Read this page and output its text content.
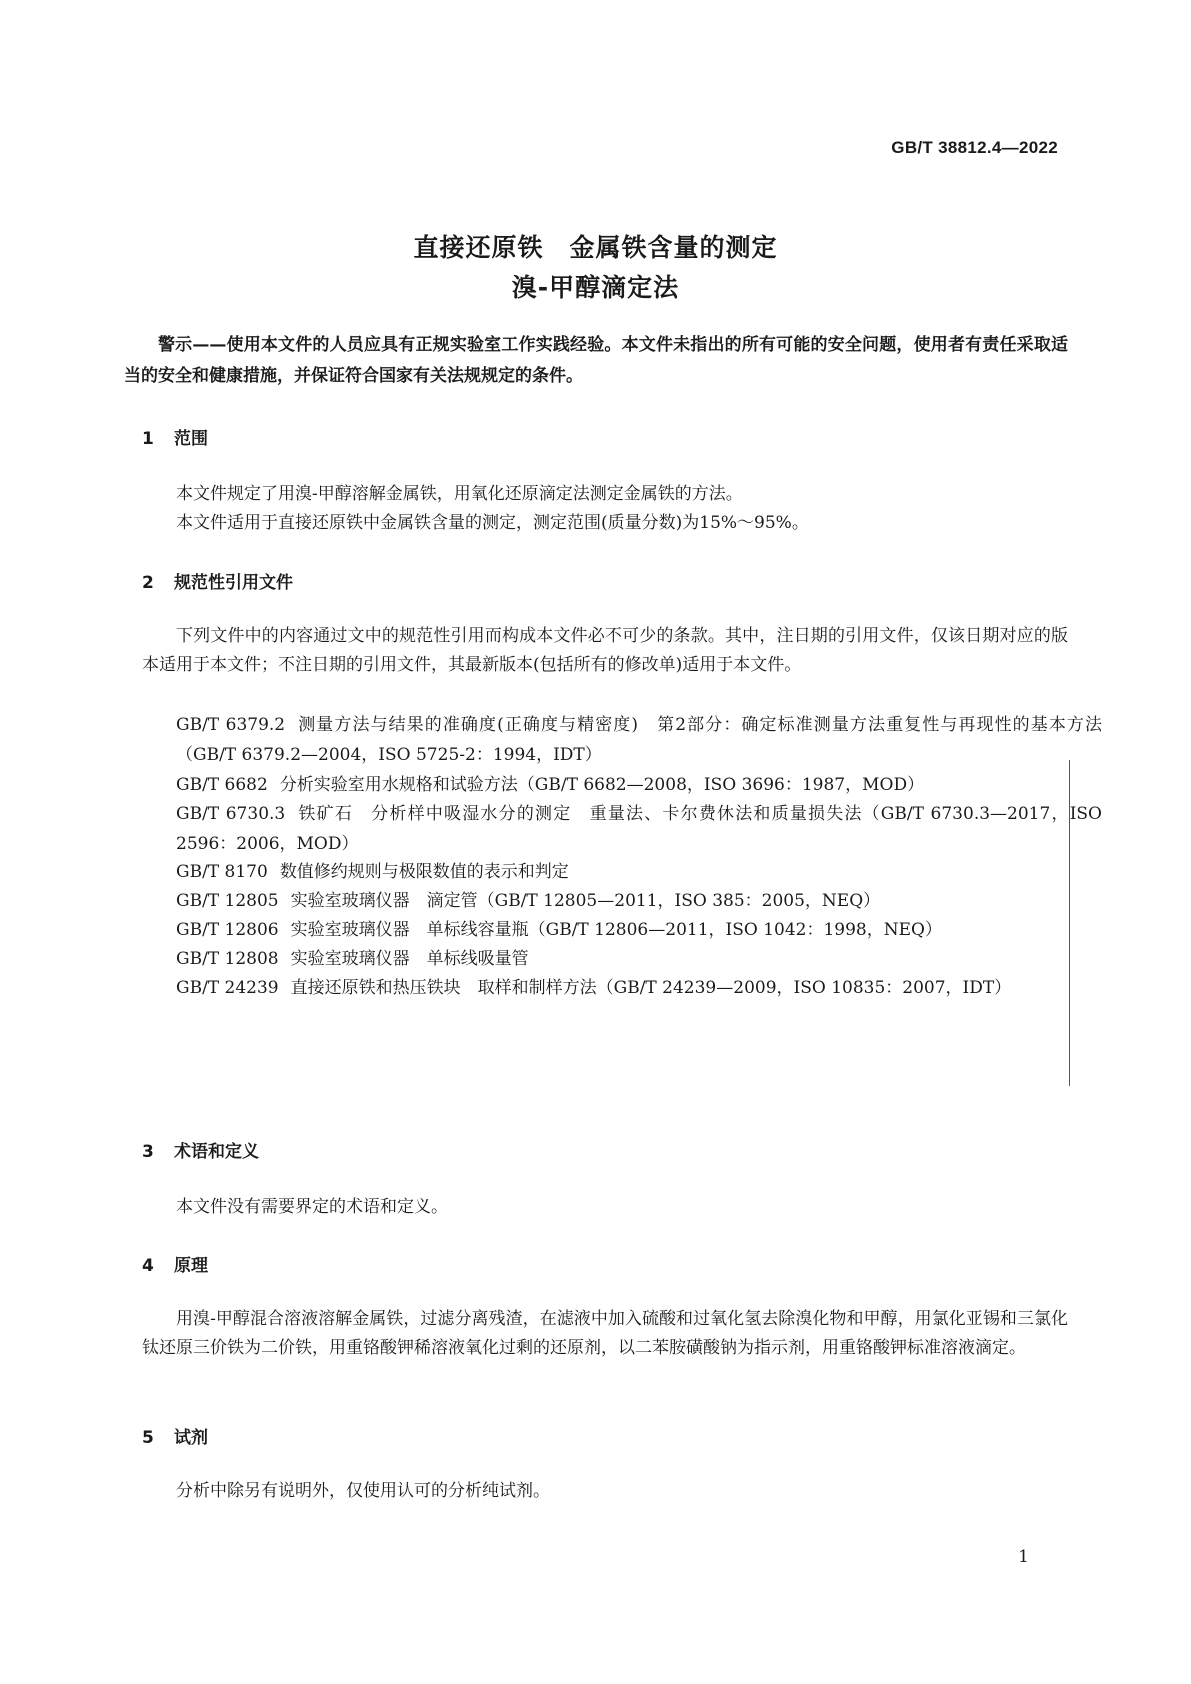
GB/T 38812.4—2022
直接还原铁　金属铁含量的测定
溴-甲醇滴定法
警示——使用本文件的人员应具有正规实验室工作实践经验。本文件未指出的所有可能的安全问题，使用者有责任采取适当的安全和健康措施，并保证符合国家有关法规规定的条件。
1 范围
本文件规定了用溴-甲醇溶解金属铁，用氧化还原滴定法测定金属铁的方法。
本文件适用于直接还原铁中金属铁含量的测定，测定范围(质量分数)为15%～95%。
2 规范性引用文件
下列文件中的内容通过文中的规范性引用而构成本文件必不可少的条款。其中，注日期的引用文件，仅该日期对应的版本适用于本文件；不注日期的引用文件，其最新版本(包括所有的修改单)适用于本文件。
GB/T 6379.2 测量方法与结果的准确度(正确度与精密度)　第2部分：确定标准测量方法重复性与再现性的基本方法（GB/T 6379.2—2004，ISO 5725-2：1994，IDT）
GB/T 6682 分析实验室用水规格和试验方法（GB/T 6682—2008，ISO 3696：1987，MOD）
GB/T 6730.3 铁矿石　分析样中吸湿水分的测定　重量法、卡尔费休法和质量损失法（GB/T 6730.3—2017，ISO 2596：2006，MOD）
GB/T 8170 数值修约规则与极限数值的表示和判定
GB/T 12805 实验室玻璃仪器　滴定管（GB/T 12805—2011，ISO 385：2005，NEQ）
GB/T 12806 实验室玻璃仪器　单标线容量瓶（GB/T 12806—2011，ISO 1042：1998，NEQ）
GB/T 12808 实验室玻璃仪器　单标线吸量管
GB/T 24239 直接还原铁和热压铁块　取样和制样方法（GB/T 24239—2009，ISO 10835：2007，IDT）
3 术语和定义
本文件没有需要界定的术语和定义。
4 原理
用溴-甲醇混合溶液溶解金属铁，过滤分离残渣，在滤液中加入硫酸和过氧化氢去除溴化物和甲醇，用氯化亚锡和三氯化钛还原三价铁为二价铁，用重铬酸钾稀溶液氧化过剩的还原剂，以二苯胺磺酸钠为指示剂，用重铬酸钾标准溶液滴定。
5 试剂
分析中除另有说明外，仅使用认可的分析纯试剂。
1
